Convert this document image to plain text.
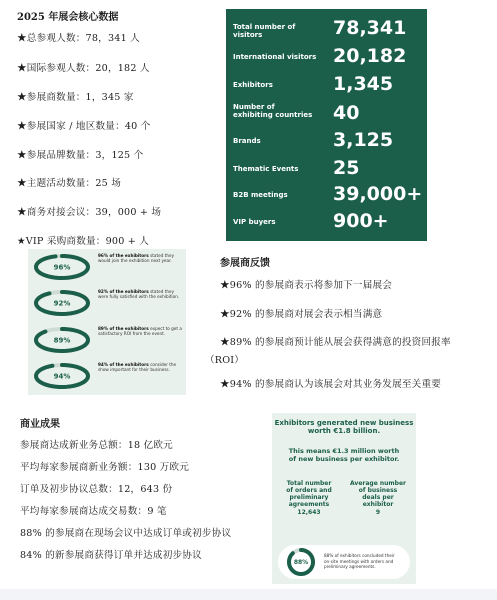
2025 年展会核心数据
★总参观人数：78，341 人
★国际参观人数：20，182 人
★参展商数量：1，345 家
★参展国家 / 地区数量：40 个
★参展品牌数量：3，125 个
★主题活动数量：25 场
★商务对接会议：39，000 + 场
★VIP 采购商数量：900 + 人
Total number of visitors	78,341
International visitors 20,182
Exhibitors	1,345
Number of exhibiting countries 40
Brands	3,125
Thematic Events 25
B2B meetings 39,000+
VIP buyers	900+
96%
96% of the exhibitors stated they would join the exhibition next year.
92%
92% of the exhibitors stated they were fully satisfied with the exhibition.
89%
89% of the exhibitors expect to get a satisfactory ROI from the event.
94%
94% of the exhibitors consider the show important for their business.
参展商反馈
★96% 的参展商表示将参加下一届展会
★92% 的参展商对展会表示相当满意
★89% 的参展商预计能从展会获得满意的投资回报率
（ROI）
★94% 的参展商认为该展会对其业务发展至关重要
商业成果
参展商达成新业务总额：18 亿欧元
平均每家参展商新业务额：130 万欧元
订单及初步协议总数：12，643 份
平均每家参展商达成交易数：9 笔
88% 的参展商在现场会议中达成订单或初步协议
84% 的新参展商获得订单并达成初步协议
Exhibitors generated new business
worth €1.8 billion.
This means €1.3 million worth
of new business per exhibitor.
Total number
of orders and
preliminary
agreements
12,643
Average number
of business
deals per
exhibitor
9
88%
88% of exhibitors concluded their
on-site meetings with orders and
preliminary agreements.
